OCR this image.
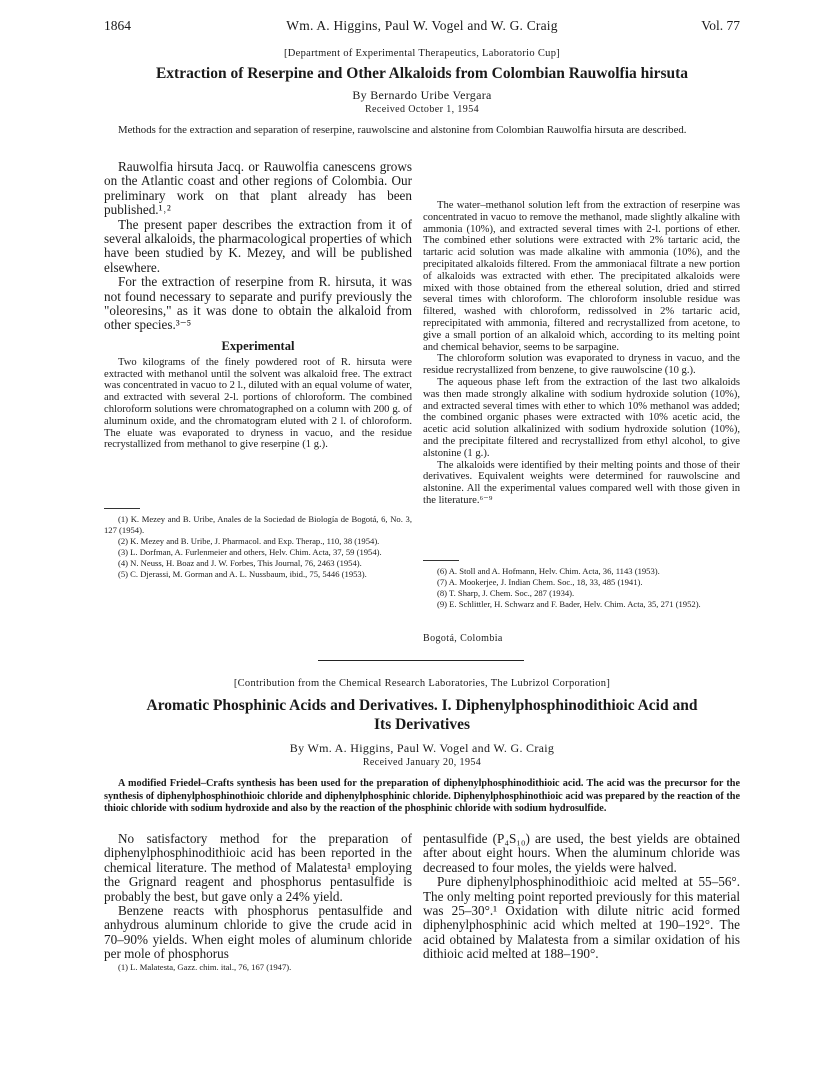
1864	Wm. A. Higgins, Paul W. Vogel and W. G. Craig	Vol. 77
[Department of Experimental Therapeutics, Laboratorio Cup]
Extraction of Reserpine and Other Alkaloids from Colombian Rauwolfia hirsuta
By Bernardo Uribe Vergara
Received October 1, 1954
Methods for the extraction and separation of reserpine, rauwolscine and alstonine from Colombian Rauwolfia hirsuta are described.

Rauwolfia hirsuta Jacq. or Rauwolfia canescens grows on the Atlantic coast and other regions of Colombia. Our preliminary work on that plant already has been published.¹˒²

The present paper describes the extraction from it of several alkaloids, the pharmacological properties of which have been studied by K. Mezey, and will be published elsewhere.

For the extraction of reserpine from R. hirsuta, it was not found necessary to separate and purify previously the "oleoresins," as it was done to obtain the alkaloid from other species.³⁻⁵

Experimental

Two kilograms of the finely powdered root of R. hirsuta were extracted with methanol until the solvent was alkaloid free. The extract was concentrated in vacuo to 2 l., diluted with an equal volume of water, and extracted with several 2-l. portions of chloroform. The combined chloroform solutions were chromatographed on a column with 200 g. of aluminum oxide, and the chromatogram eluted with 2 l. of chloroform. The eluate was evaporated to dryness in vacuo, and the residue recrystallized from methanol to give reserpine (1 g.).

(1) K. Mezey and B. Uribe, Anales de la Sociedad de Biología de Bogotá, 6, No. 3, 127 (1954).

(2) K. Mezey and B. Uribe, J. Pharmacol. and Exp. Therap., 110, 38 (1954).

(3) L. Dorfman, A. Furlenmeier and others, Helv. Chim. Acta, 37, 59 (1954).

(4) N. Neuss, H. Boaz and J. W. Forbes, This Journal, 76, 2463 (1954).

(5) C. Djerassi, M. Gorman and A. L. Nussbaum, ibid., 75, 5446 (1953).

The water–methanol solution left from the extraction of reserpine was concentrated in vacuo to remove the methanol, made slightly alkaline with ammonia (10%), and extracted several times with 2-l. portions of ether. The combined ether solutions were extracted with 2% tartaric acid, the tartaric acid solution was made alkaline with ammonia (10%), and the precipitated alkaloids filtered. From the ammoniacal filtrate a new portion of alkaloids was extracted with ether. The precipitated alkaloids were mixed with those obtained from the ethereal solution, dried and stirred several times with chloroform. The chloroform insoluble residue was filtered, washed with chloroform, redissolved in 2% tartaric acid, reprecipitated with ammonia, filtered and recrystallized from acetone, to give a small portion of an alkaloid which, according to its melting point and chemical behavior, seems to be sarpagine.

The chloroform solution was evaporated to dryness in vacuo, and the residue recrystallized from benzene, to give rauwolscine (10 g.).

The aqueous phase left from the extraction of the last two alkaloids was then made strongly alkaline with sodium hydroxide solution (10%), and extracted several times with ether to which 10% methanol was added; the combined organic phases were extracted with 10% acetic acid, the acetic acid solution alkalinized with sodium hydroxide solution (10%), and the precipitate filtered and recrystallized from ethyl alcohol, to give alstonine (1 g.).

The alkaloids were identified by their melting points and those of their derivatives. Equivalent weights were determined for rauwolscine and alstonine. All the experimental values compared well with those given in the literature.⁶⁻⁹

(6) A. Stoll and A. Hofmann, Helv. Chim. Acta, 36, 1143 (1953).

(7) A. Mookerjee, J. Indian Chem. Soc., 18, 33, 485 (1941).

(8) T. Sharp, J. Chem. Soc., 287 (1934).

(9) E. Schlittler, H. Schwarz and F. Bader, Helv. Chim. Acta, 35, 271 (1952).

Bogotá, Colombia
[Contribution from the Chemical Research Laboratories, The Lubrizol Corporation]
Aromatic Phosphinic Acids and Derivatives. I. Diphenylphosphinodithioic Acid and
Its Derivatives
By Wm. A. Higgins, Paul W. Vogel and W. G. Craig
Received January 20, 1954
A modified Friedel–Crafts synthesis has been used for the preparation of diphenylphosphinodithioic acid. The acid was the precursor for the synthesis of diphenylphosphinothioic chloride and diphenylphosphinic chloride. Diphenylphosphinothioic acid was prepared by the reaction of the thioic chloride with sodium hydroxide and also by the reaction of the phosphinic chloride with sodium hydrosulfide.

No satisfactory method for the preparation of diphenylphosphinodithioic acid has been reported in the chemical literature. The method of Malatesta¹ employing the Grignard reagent and phosphorus pentasulfide is probably the best, but gave only a 24% yield.

Benzene reacts with phosphorus pentasulfide and anhydrous aluminum chloride to give the crude acid in 70–90% yields. When eight moles of aluminum chloride per mole of phosphorus

(1) L. Malatesta, Gazz. chim. ital., 76, 167 (1947).

pentasulfide (P₄S₁₀) are used, the best yields are obtained after about eight hours. When the aluminum chloride was decreased to four moles, the yields were halved.

Pure diphenylphosphinodithioic acid melted at 55–56°. The only melting point reported previously for this material was 25–30°.¹ Oxidation with dilute nitric acid formed diphenylphosphinic acid which melted at 190–192°. The acid obtained by Malatesta from a similar oxidation of his dithioic acid melted at 188–190°.
